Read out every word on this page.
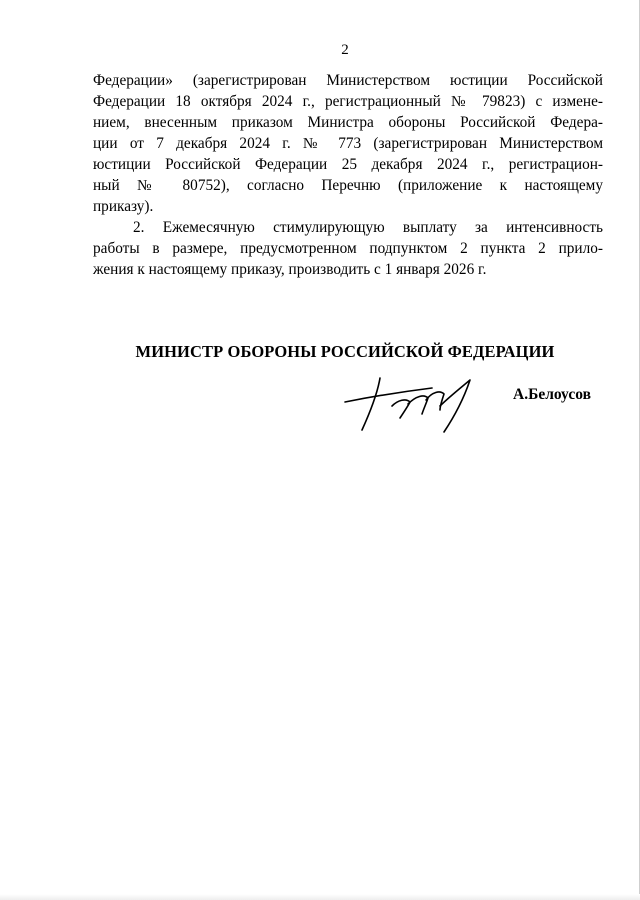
2
Федерации» (зарегистрирован Министерством юстиции Российской
Федерации 18 октября 2024 г., регистрационный № 79823) с измене-
нием, внесенным приказом Министра обороны Российской Федера-
ции от 7 декабря 2024 г. № 773 (зарегистрирован Министерством
юстиции Российской Федерации 25 декабря 2024 г., регистрацион-
ный № 80752), согласно Перечню (приложение к настоящему
приказу).
2. Ежемесячную стимулирующую выплату за интенсивность
работы в размере, предусмотренном подпунктом 2 пункта 2 прило-
жения к настоящему приказу, производить с 1 января 2026 г.
МИНИСТР ОБОРОНЫ РОССИЙСКОЙ ФЕДЕРАЦИИ
А.Белоусов
